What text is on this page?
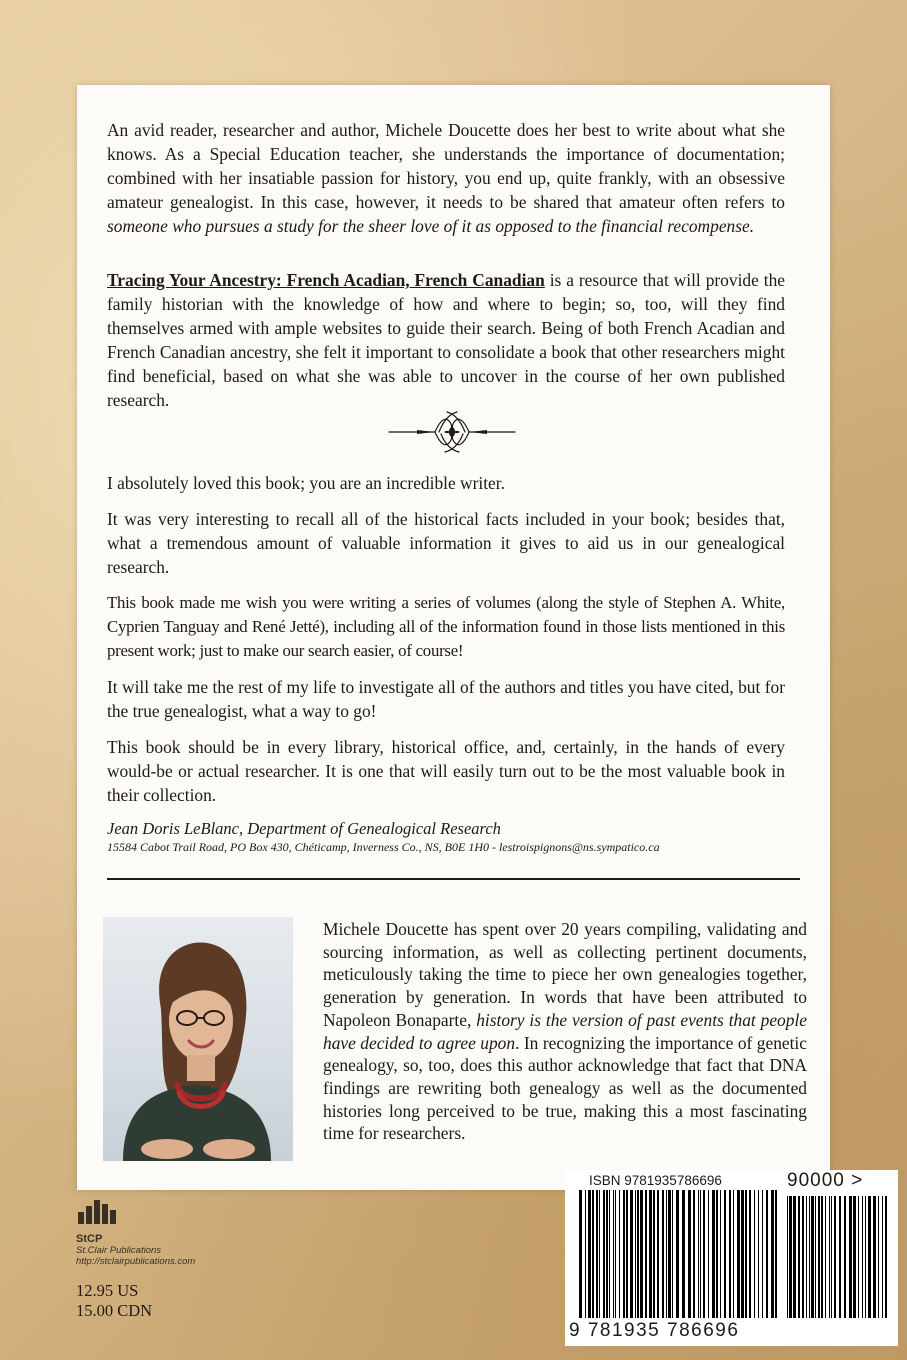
An avid reader, researcher and author, Michele Doucette does her best to write about what she knows. As a Special Education teacher, she understands the importance of documentation; combined with her insatiable passion for history, you end up, quite frankly, with an obsessive amateur genealogist. In this case, however, it needs to be shared that amateur often refers to someone who pursues a study for the sheer love of it as opposed to the financial recompense.

Tracing Your Ancestry: French Acadian, French Canadian is a resource that will provide the family historian with the knowledge of how and where to begin; so, too, will they find themselves armed with ample websites to guide their search. Being of both French Acadian and French Canadian ancestry, she felt it important to consolidate a book that other researchers might find beneficial, based on what she was able to uncover in the course of her own published research.

I absolutely loved this book; you are an incredible writer.

It was very interesting to recall all of the historical facts included in your book; besides that, what a tremendous amount of valuable information it gives to aid us in our genealogical research.

This book made me wish you were writing a series of volumes (along the style of Stephen A. White, Cyprien Tanguay and René Jetté), including all of the information found in those lists mentioned in this present work; just to make our search easier, of course!

It will take me the rest of my life to investigate all of the authors and titles you have cited, but for the true genealogist, what a way to go!

This book should be in every library, historical office, and, certainly, in the hands of every would-be or actual researcher. It is one that will easily turn out to be the most valuable book in their collection.

Jean Doris LeBlanc, Department of Genealogical Research

15584 Cabot Trail Road, PO Box 430, Chéticamp, Inverness Co., NS, B0E 1H0 - lestroispignons@ns.sympatico.ca

Michele Doucette has spent over 20 years compiling, validating and sourcing information, as well as collecting pertinent documents, meticulously taking the time to piece her own genealogies together, generation by generation. In words that have been attributed to Napoleon Bonaparte, history is the version of past events that people have decided to agree upon. In recognizing the importance of genetic genealogy, so, too, does this author acknowledge that fact that DNA findings are rewriting both genealogy as well as the documented histories long perceived to be true, making this a most fascinating time for researchers.

StCP
St.Clair Publications
http://stclairpublications.com
12.95 US
15.00 CDN
ISBN 9781935786696	90000 >
9 781935 786696
